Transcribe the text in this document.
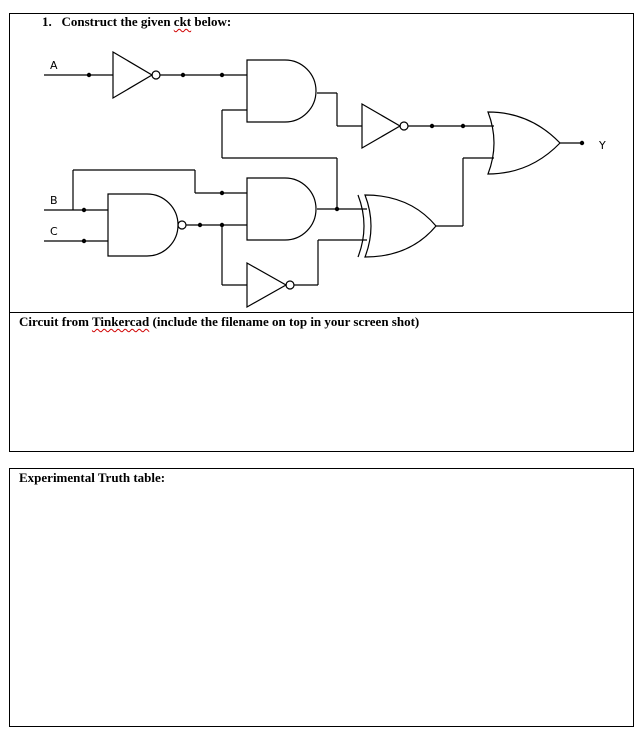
1. Construct the given ckt below:

A
B
C
Y

Circuit from Tinkercad (include the filename on top in your screen shot)

Experimental Truth table:
